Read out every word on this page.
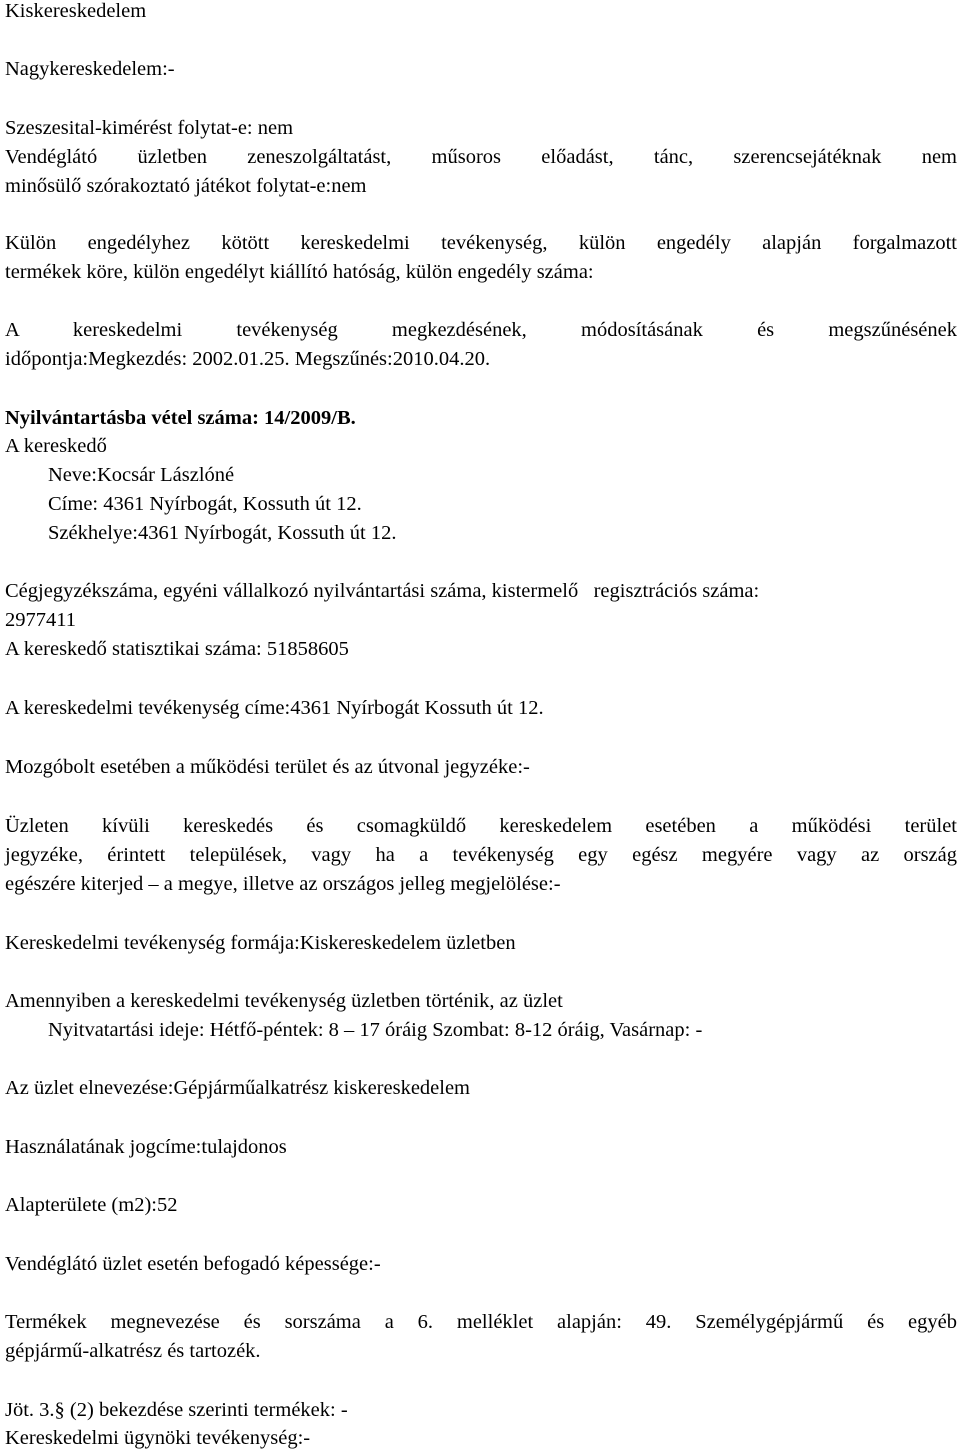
Kiskereskedelem

Nagykereskedelem:-

Szeszesital-kimérést folytat-e: nem

Vendéglátó üzletben zeneszolgáltatást, műsoros előadást, tánc, szerencsejátéknak nem

minősülő szórakoztató játékot folytat-e:nem

Külön engedélyhez kötött kereskedelmi tevékenység, külön engedély alapján forgalmazott

termékek köre, külön engedélyt kiállító hatóság, külön engedély száma:

A kereskedelmi tevékenység megkezdésének, módosításának és megszűnésének

időpontja:Megkezdés: 2002.01.25. Megszűnés:2010.04.20.

Nyilvántartásba vétel száma: 14/2009/B.

A kereskedő

Neve:Kocsár Lászlóné

Címe: 4361 Nyírbogát, Kossuth út 12.

Székhelye:4361 Nyírbogát, Kossuth út 12.

Cégjegyzékszáma, egyéni vállalkozó nyilvántartási száma, kistermelő   regisztrációs száma:

2977411

A kereskedő statisztikai száma: 51858605

A kereskedelmi tevékenység címe:4361 Nyírbogát Kossuth út 12.

Mozgóbolt esetében a működési terület és az útvonal jegyzéke:-

Üzleten kívüli kereskedés és csomagküldő kereskedelem esetében a működési terület

jegyzéke, érintett települések, vagy ha a tevékenység egy egész megyére vagy az ország

egészére kiterjed – a megye, illetve az országos jelleg megjelölése:-

Kereskedelmi tevékenység formája:Kiskereskedelem üzletben

Amennyiben a kereskedelmi tevékenység üzletben történik, az üzlet

Nyitvatartási ideje: Hétfő-péntek: 8 – 17 óráig Szombat: 8-12 óráig, Vasárnap: -

Az üzlet elnevezése:Gépjárműalkatrész kiskereskedelem

Használatának jogcíme:tulajdonos

Alapterülete (m2):52

Vendéglátó üzlet esetén befogadó képessége:-

Termékek megnevezése és sorszáma a 6. melléklet alapján: 49. Személygépjármű és egyéb

gépjármű-alkatrész és tartozék.

Jöt. 3.§ (2) bekezdése szerinti termékek: -

Kereskedelmi ügynöki tevékenység:-
